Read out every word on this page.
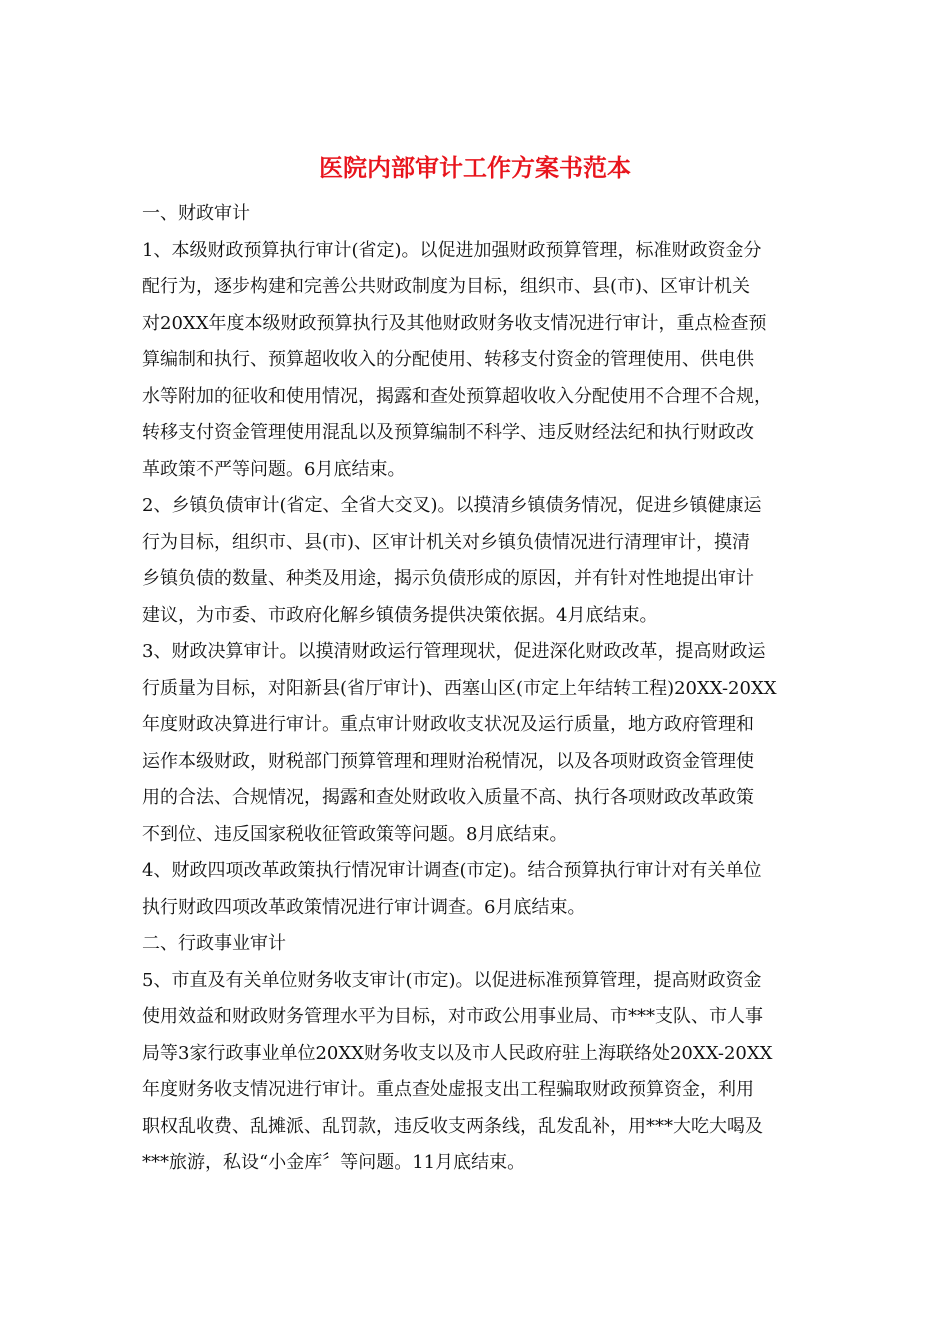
医院内部审计工作方案书范本

一、财政审计

1、本级财政预算执行审计(省定)。以促进加强财政预算管理，标准财政资金分

配行为，逐步构建和完善公共财政制度为目标，组织市、县(市)、区审计机关

对20XX年度本级财政预算执行及其他财政财务收支情况进行审计，重点检查预

算编制和执行、预算超收收入的分配使用、转移支付资金的管理使用、供电供

水等附加的征收和使用情况，揭露和查处预算超收收入分配使用不合理不合规，

转移支付资金管理使用混乱以及预算编制不科学、违反财经法纪和执行财政改

革政策不严等问题。6月底结束。

2、乡镇负债审计(省定、全省大交叉)。以摸清乡镇债务情况，促进乡镇健康运

行为目标，组织市、县(市)、区审计机关对乡镇负债情况进行清理审计，摸清

乡镇负债的数量、种类及用途，揭示负债形成的原因，并有针对性地提出审计

建议，为市委、市政府化解乡镇债务提供决策依据。4月底结束。

3、财政决算审计。以摸清财政运行管理现状，促进深化财政改革，提高财政运

行质量为目标，对阳新县(省厅审计)、西塞山区(市定上年结转工程)20XX-20XX

年度财政决算进行审计。重点审计财政收支状况及运行质量，地方政府管理和

运作本级财政，财税部门预算管理和理财治税情况，以及各项财政资金管理使

用的合法、合规情况，揭露和查处财政收入质量不高、执行各项财政改革政策

不到位、违反国家税收征管政策等问题。8月底结束。

4、财政四项改革政策执行情况审计调查(市定)。结合预算执行审计对有关单位

执行财政四项改革政策情况进行审计调查。6月底结束。

二、行政事业审计

5、市直及有关单位财务收支审计(市定)。以促进标准预算管理，提高财政资金

使用效益和财政财务管理水平为目标，对市政公用事业局、市***支队、市人事

局等3家行政事业单位20XX财务收支以及市人民政府驻上海联络处20XX-20XX

年度财务收支情况进行审计。重点查处虚报支出工程骗取财政预算资金，利用

职权乱收费、乱摊派、乱罚款，违反收支两条线，乱发乱补，用***大吃大喝及

***旅游，私设“小金库〞等问题。11月底结束。
